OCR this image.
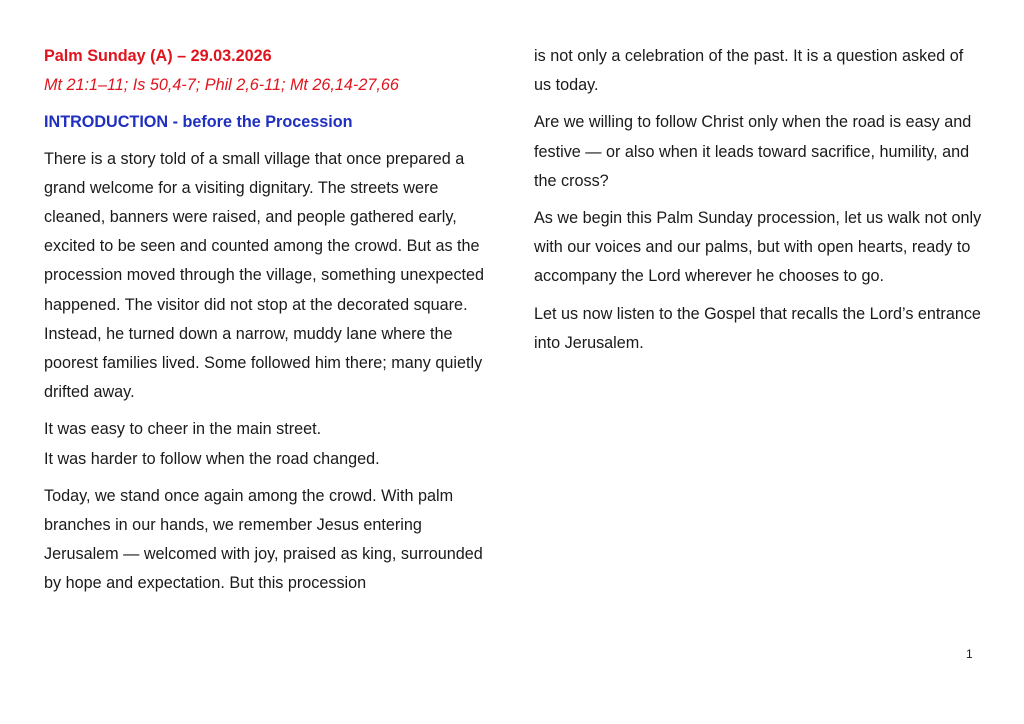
Palm Sunday (A) – 29.03.2026

Mt 21:1–11; Is 50,4-7; Phil 2,6-11; Mt 26,14-27,66

INTRODUCTION - before the Procession

There is a story told of a small village that once prepared a grand welcome for a visiting dignitary. The streets were cleaned, banners were raised, and people gathered early, excited to be seen and counted among the crowd. But as the procession moved through the village, something unexpected happened. The visitor did not stop at the decorated square. Instead, he turned down a narrow, muddy lane where the poorest families lived. Some followed him there; many quietly drifted away.

It was easy to cheer in the main street.
It was harder to follow when the road changed.

Today, we stand once again among the crowd. With palm branches in our hands, we remember Jesus entering Jerusalem — welcomed with joy, praised as king, surrounded by hope and expectation. But this procession

is not only a celebration of the past. It is a question asked of us today.

Are we willing to follow Christ only when the road is easy and festive — or also when it leads toward sacrifice, humility, and the cross?

As we begin this Palm Sunday procession, let us walk not only with our voices and our palms, but with open hearts, ready to accompany the Lord wherever he chooses to go.

Let us now listen to the Gospel that recalls the Lord’s entrance into Jerusalem.

1
